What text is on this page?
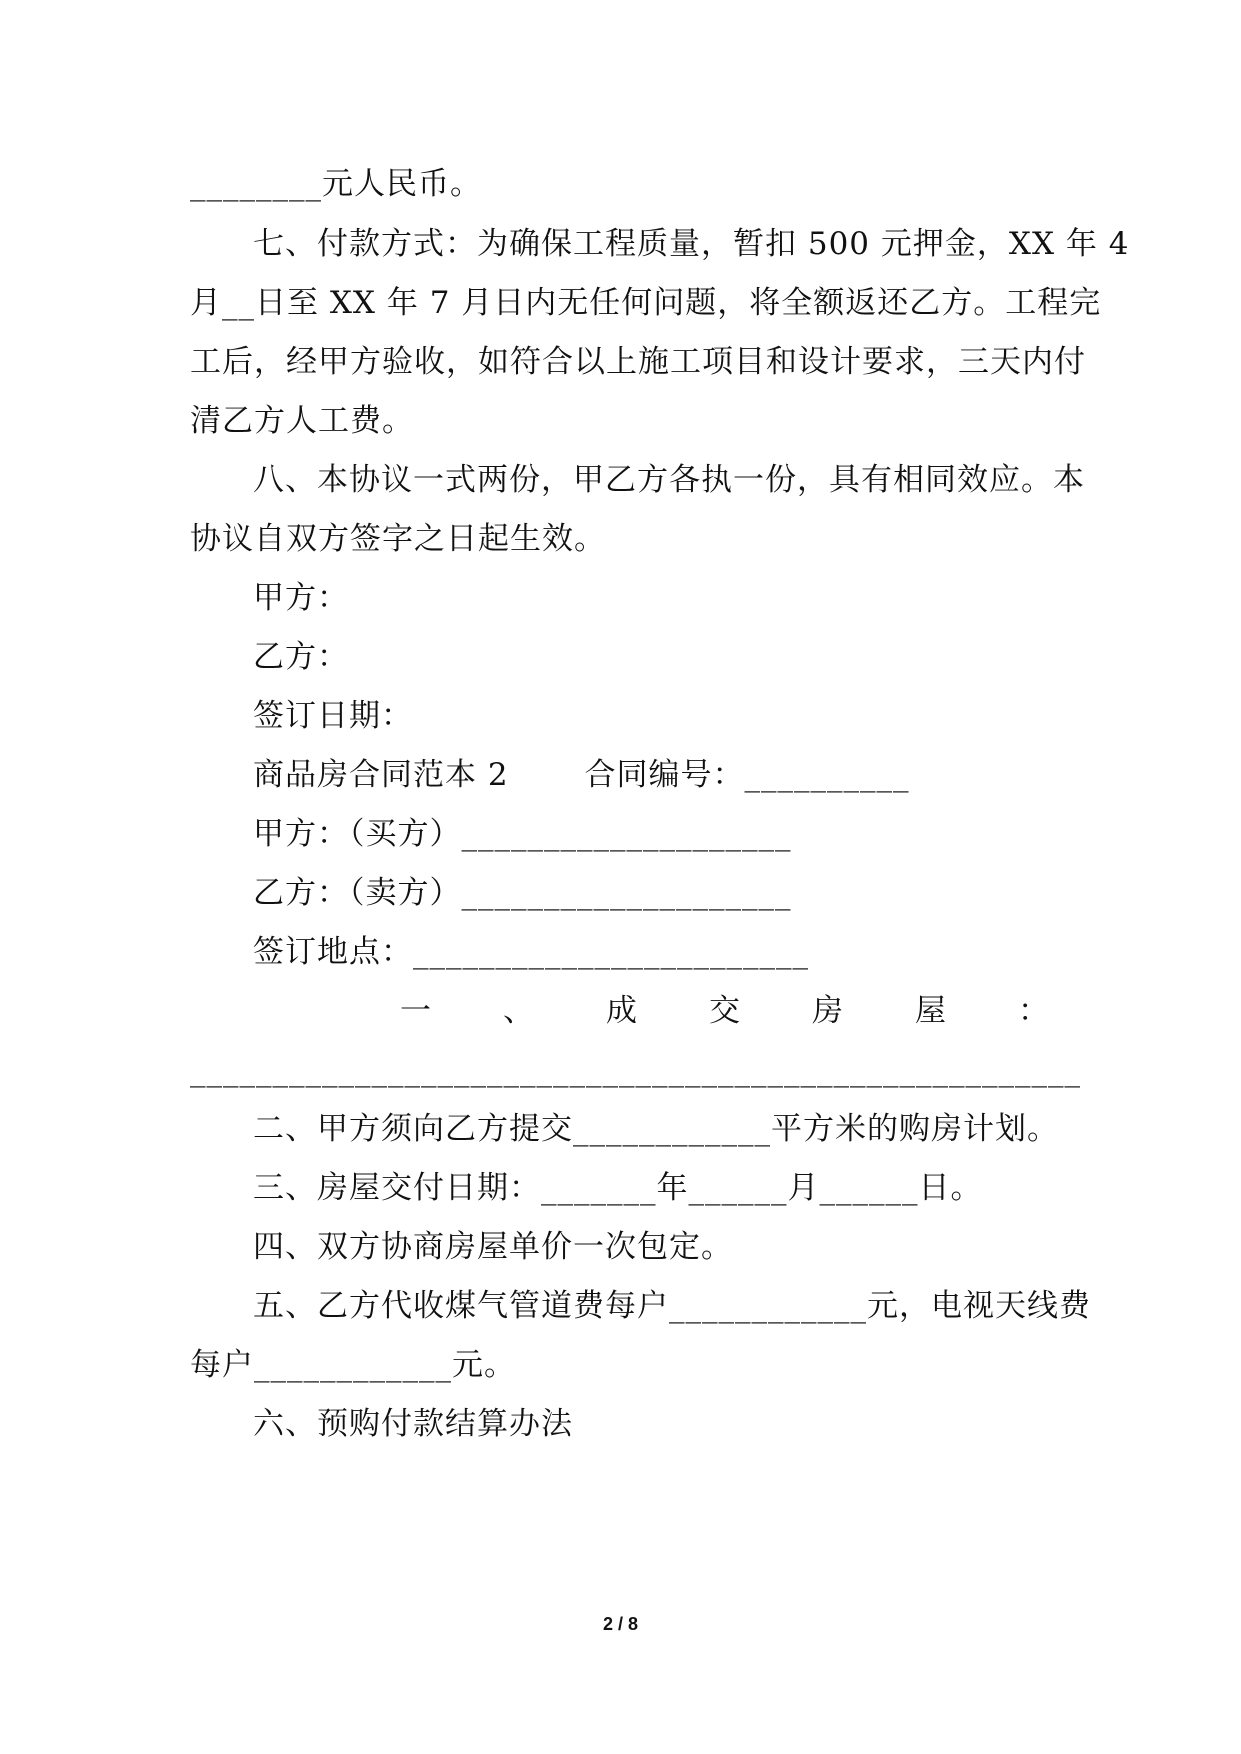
________元人民币。
七、付款方式：为确保工程质量，暂扣 500 元押金，XX 年 4
月__日至 XX 年 7 月日内无任何问题，将全额返还乙方。工程完
工后，经甲方验收，如符合以上施工项目和设计要求，三天内付
清乙方人工费。
八、本协议一式两份，甲乙方各执一份，具有相同效应。本
协议自双方签字之日起生效。
甲方：
乙方：
签订日期：
商品房合同范本 2       合同编号：__________
甲方：（买方）____________________
乙方：（卖方）____________________
签订地点：________________________
一 、 成 交 房 屋 ：
______________________________________________________
二、甲方须向乙方提交____________平方米的购房计划。
三、房屋交付日期：_______年______月______日。
四、双方协商房屋单价一次包定。
五、乙方代收煤气管道费每户____________元，电视天线费
每户____________元。
六、预购付款结算办法
2 / 8
